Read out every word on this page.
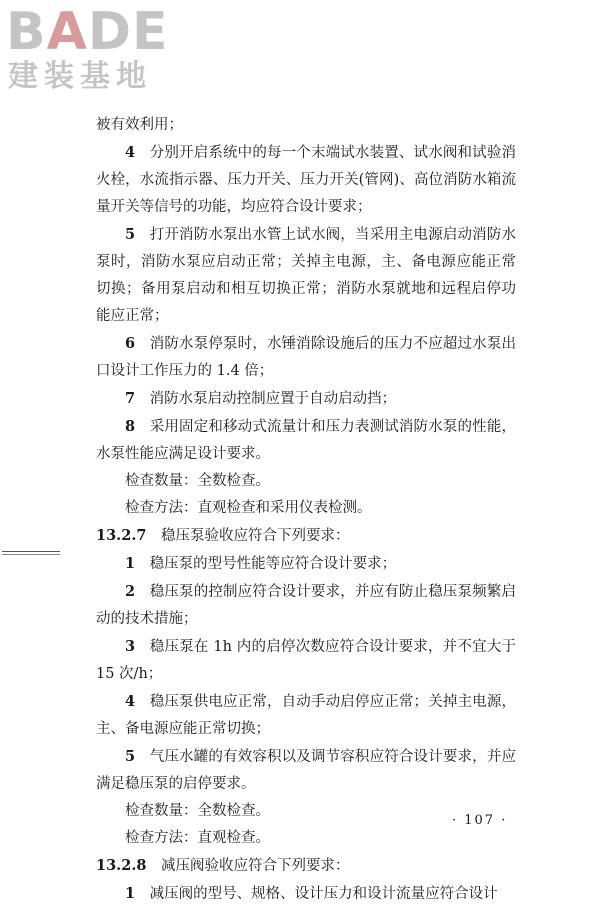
BADE
建装基地

被有效利用；

4  分别开启系统中的每一个末端试水装置、试水阀和试验消火栓，水流指示器、压力开关、压力开关(管网)、高位消防水箱流量开关等信号的功能，均应符合设计要求；

5  打开消防水泵出水管上试水阀，当采用主电源启动消防水泵时，消防水泵应启动正常；关掉主电源，主、备电源应能正常切换；备用泵启动和相互切换正常；消防水泵就地和远程启停功能应正常；

6  消防水泵停泵时，水锤消除设施后的压力不应超过水泵出口设计工作压力的 1.4 倍；

7  消防水泵启动控制应置于自动启动挡；

8  采用固定和移动式流量计和压力表测试消防水泵的性能，水泵性能应满足设计要求。

检查数量：全数检查。

检查方法：直观检查和采用仪表检测。

13.2.7  稳压泵验收应符合下列要求：

1  稳压泵的型号性能等应符合设计要求；

2  稳压泵的控制应符合设计要求，并应有防止稳压泵频繁启动的技术措施；

3  稳压泵在 1h 内的启停次数应符合设计要求，并不宜大于 15 次/h；

4  稳压泵供电应正常，自动手动启停应正常；关掉主电源，主、备电源应能正常切换；

5  气压水罐的有效容积以及调节容积应符合设计要求，并应满足稳压泵的启停要求。

检查数量：全数检查。

检查方法：直观检查。

13.2.8  减压阀验收应符合下列要求：

1  减压阀的型号、规格、设计压力和设计流量应符合设计

· 107 ·
